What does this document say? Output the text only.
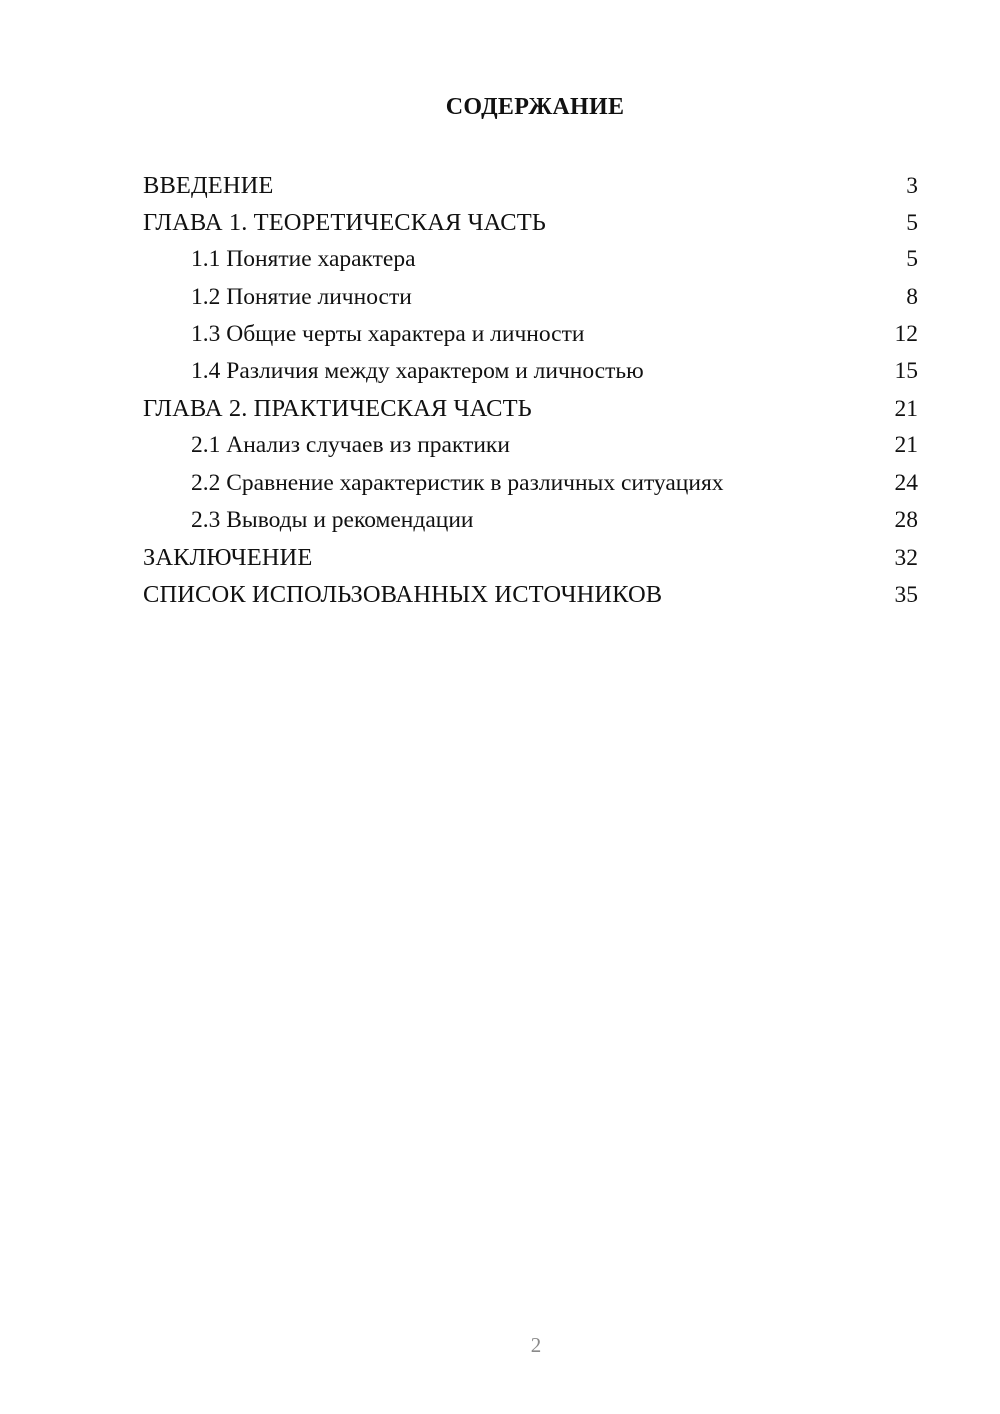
СОДЕРЖАНИЕ
ВВЕДЕНИЕ	3
ГЛАВА 1. ТЕОРЕТИЧЕСКАЯ ЧАСТЬ	5
1.1 Понятие характера	5
1.2 Понятие личности	8
1.3 Общие черты характера и личности	12
1.4 Различия между характером и личностью	15
ГЛАВА 2. ПРАКТИЧЕСКАЯ ЧАСТЬ	21
2.1 Анализ случаев из практики	21
2.2 Сравнение характеристик в различных ситуациях	24
2.3 Выводы и рекомендации	28
ЗАКЛЮЧЕНИЕ	32
СПИСОК ИСПОЛЬЗОВАННЫХ ИСТОЧНИКОВ	35
2
